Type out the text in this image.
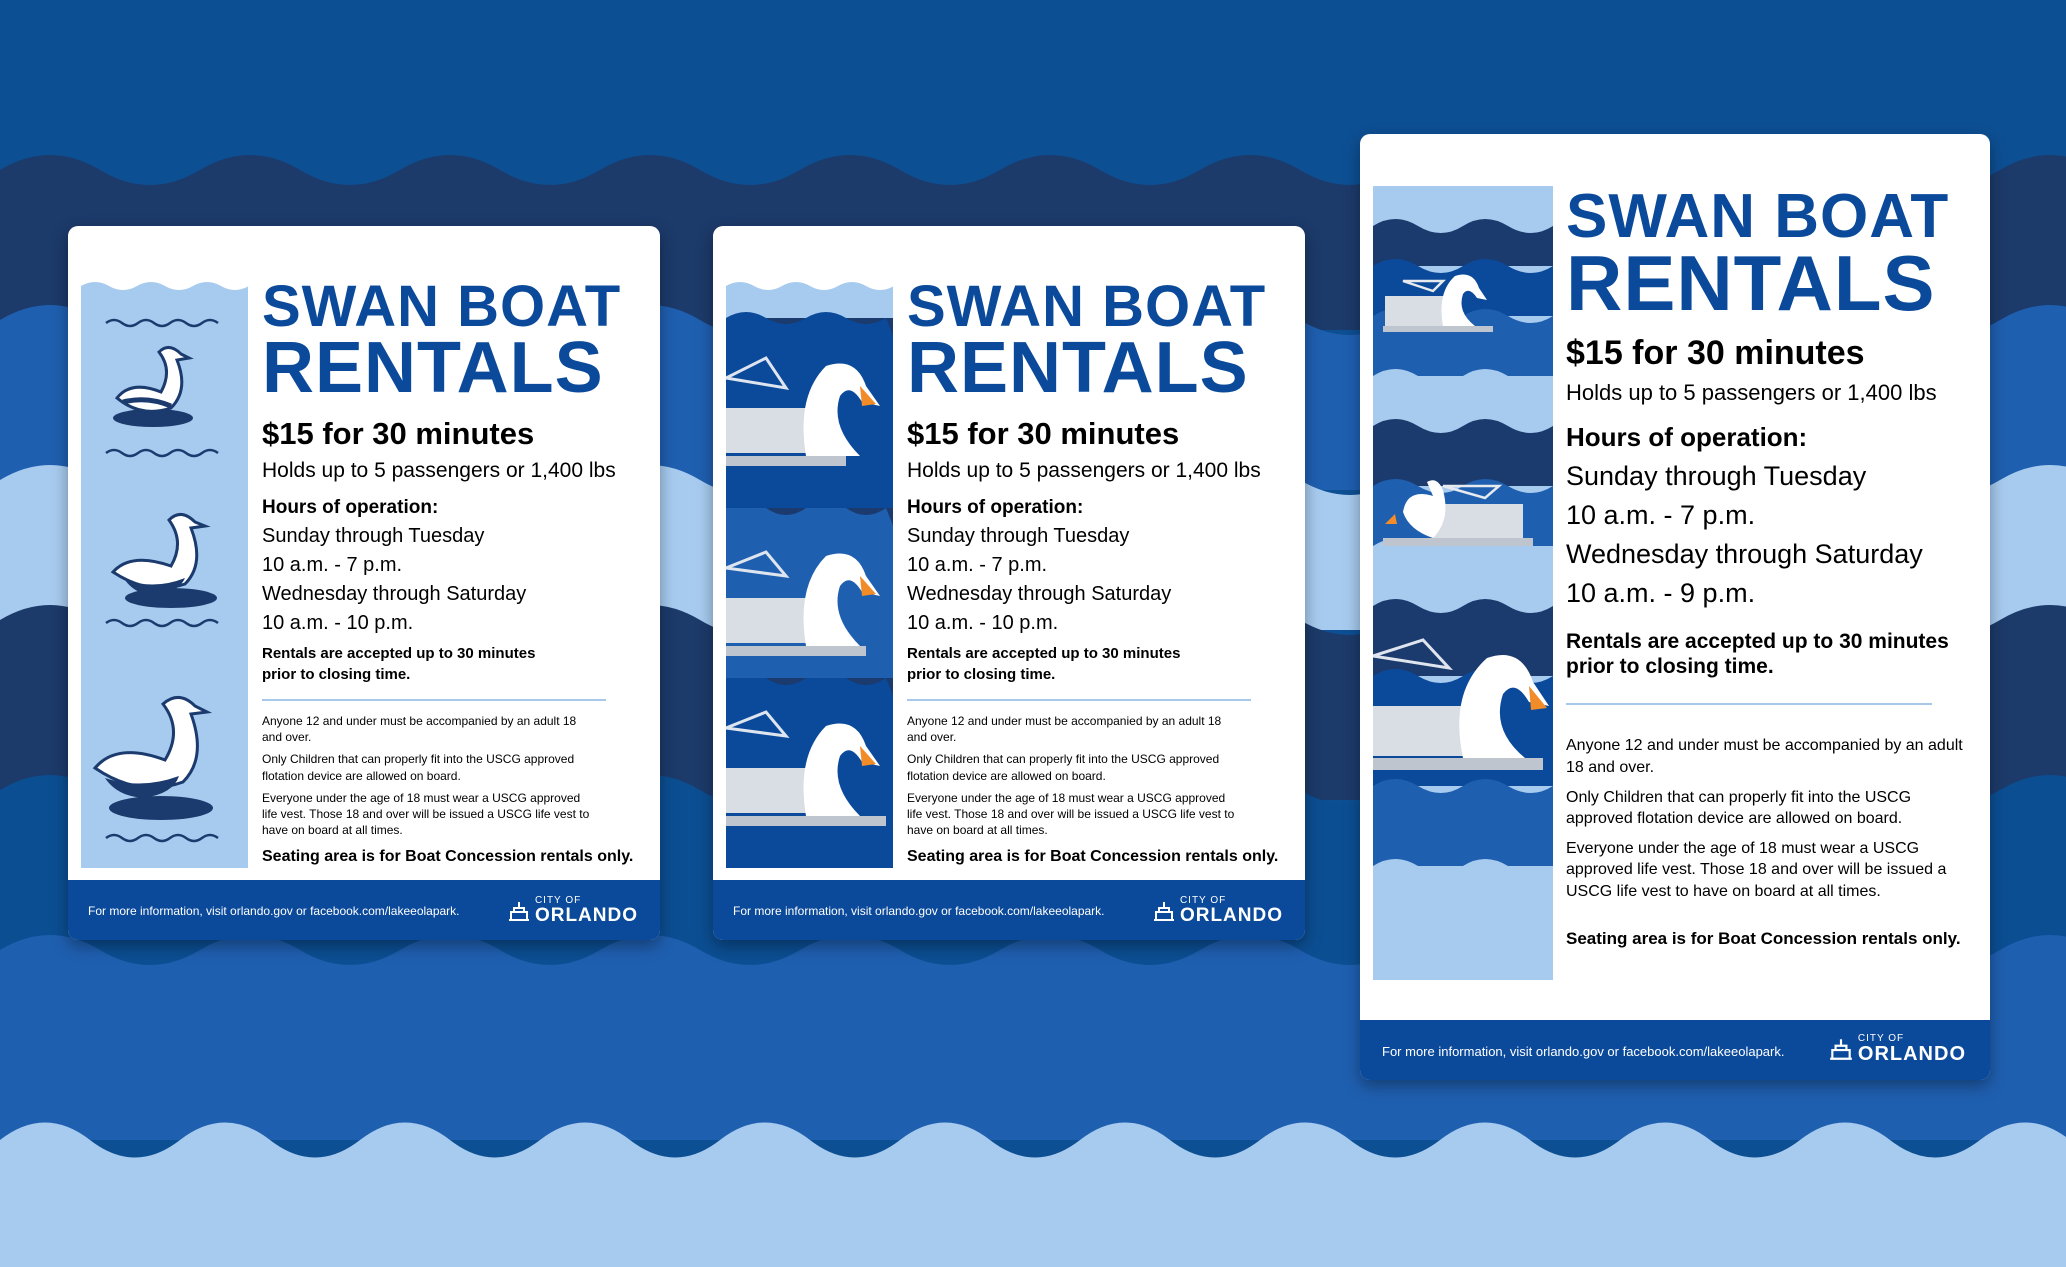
SWAN BOAT
RENTALS
$15 for 30 minutes

Holds up to 5 passengers or 1,400 lbs

Hours of operation:

Sunday through Tuesday

10 a.m. - 7 p.m.

Wednesday through Saturday

10 a.m. - 10 p.m.

Rentals are accepted up to 30 minutes

prior to closing time.

Anyone 12 and under must be accompanied by an adult 18

and over.

Only Children that can properly fit into the USCG approved

flotation device are allowed on board.

Everyone under the age of 18 must wear a USCG approved

life vest. Those 18 and over will be issued a USCG life vest to

have on board at all times.

Seating area is for Boat Concession rentals only.

For more information, visit orlando.gov or facebook.com/lakeeolapark.
CITY OF
ORLANDO
SWAN BOAT
RENTALS
$15 for 30 minutes

Holds up to 5 passengers or 1,400 lbs

Hours of operation:

Sunday through Tuesday

10 a.m. - 7 p.m.

Wednesday through Saturday

10 a.m. - 10 p.m.

Rentals are accepted up to 30 minutes

prior to closing time.

Anyone 12 and under must be accompanied by an adult 18

and over.

Only Children that can properly fit into the USCG approved

flotation device are allowed on board.

Everyone under the age of 18 must wear a USCG approved

life vest. Those 18 and over will be issued a USCG life vest to

have on board at all times.

Seating area is for Boat Concession rentals only.

For more information, visit orlando.gov or facebook.com/lakeeolapark.
CITY OF
ORLANDO
SWAN BOAT
RENTALS
$15 for 30 minutes

Holds up to 5 passengers or 1,400 lbs

Hours of operation:

Sunday through Tuesday

10 a.m. - 7 p.m.

Wednesday through Saturday

10 a.m. - 9 p.m.

Rentals are accepted up to 30 minutes prior to closing time.

Anyone 12 and under must be accompanied by an adult 18 and over.

Only Children that can properly fit into the USCG approved flotation device are allowed on board.

Everyone under the age of 18 must wear a USCG approved life vest. Those 18 and over will be issued a USCG life vest to have on board at all times.

Seating area is for Boat Concession rentals only.

For more information, visit orlando.gov or facebook.com/lakeeolapark.
CITY OF
ORLANDO
